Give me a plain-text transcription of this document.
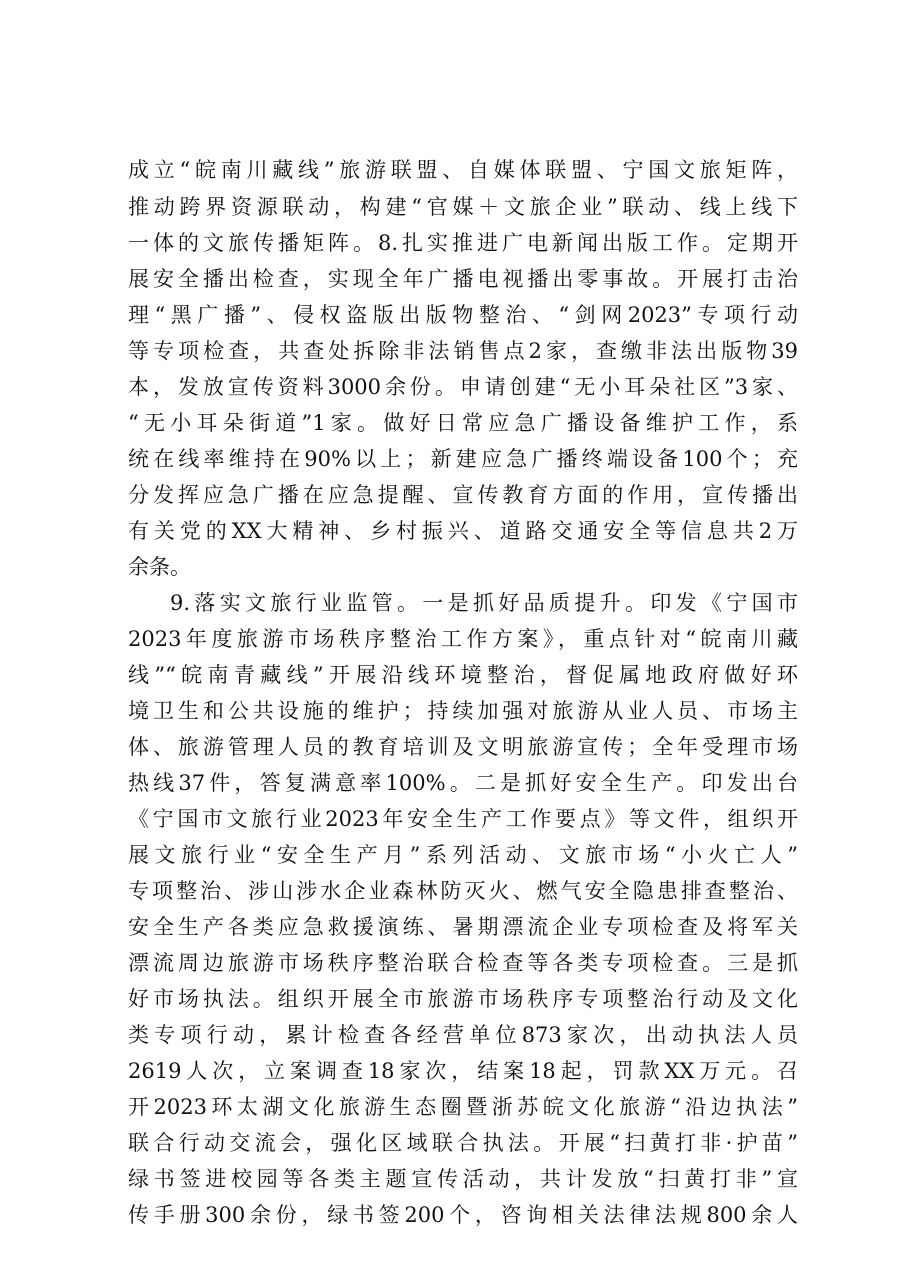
成立“皖南川藏线”旅游联盟、自媒体联盟、宁国文旅矩阵，
推动跨界资源联动，构建“官媒＋文旅企业”联动、线上线下
一体的文旅传播矩阵。8.扎实推进广电新闻出版工作。定期开
展安全播出检查，实现全年广播电视播出零事故。开展打击治
理“黑广播”、侵权盗版出版物整治、“剑网2023”专项行动
等专项检查，共查处拆除非法销售点2家，查缴非法出版物39
本，发放宣传资料3000余份。申请创建“无小耳朵社区”3家、
“无小耳朵街道”1家。做好日常应急广播设备维护工作，系
统在线率维持在90%以上；新建应急广播终端设备100个；充
分发挥应急广播在应急提醒、宣传教育方面的作用，宣传播出
有关党的XX大精神、乡村振兴、道路交通安全等信息共2万
余条。
9.落实文旅行业监管。一是抓好品质提升。印发《宁国市
2023年度旅游市场秩序整治工作方案》，重点针对“皖南川藏
线”“皖南青藏线”开展沿线环境整治，督促属地政府做好环
境卫生和公共设施的维护；持续加强对旅游从业人员、市场主
体、旅游管理人员的教育培训及文明旅游宣传；全年受理市场
热线37件，答复满意率100%。二是抓好安全生产。印发出台
《宁国市文旅行业2023年安全生产工作要点》等文件，组织开
展文旅行业“安全生产月”系列活动、文旅市场“小火亡人”
专项整治、涉山涉水企业森林防灭火、燃气安全隐患排查整治、
安全生产各类应急救援演练、暑期漂流企业专项检查及将军关
漂流周边旅游市场秩序整治联合检查等各类专项检查。三是抓
好市场执法。组织开展全市旅游市场秩序专项整治行动及文化
类专项行动，累计检查各经营单位873家次，出动执法人员
2619人次，立案调查18家次，结案18起，罚款XX万元。召
开2023环太湖文化旅游生态圈暨浙苏皖文化旅游“沿边执法”
联合行动交流会，强化区域联合执法。开展“扫黄打非·护苗”
绿书签进校园等各类主题宣传活动，共计发放“扫黄打非”宣
传手册300余份，绿书签200个，咨询相关法律法规800余人
